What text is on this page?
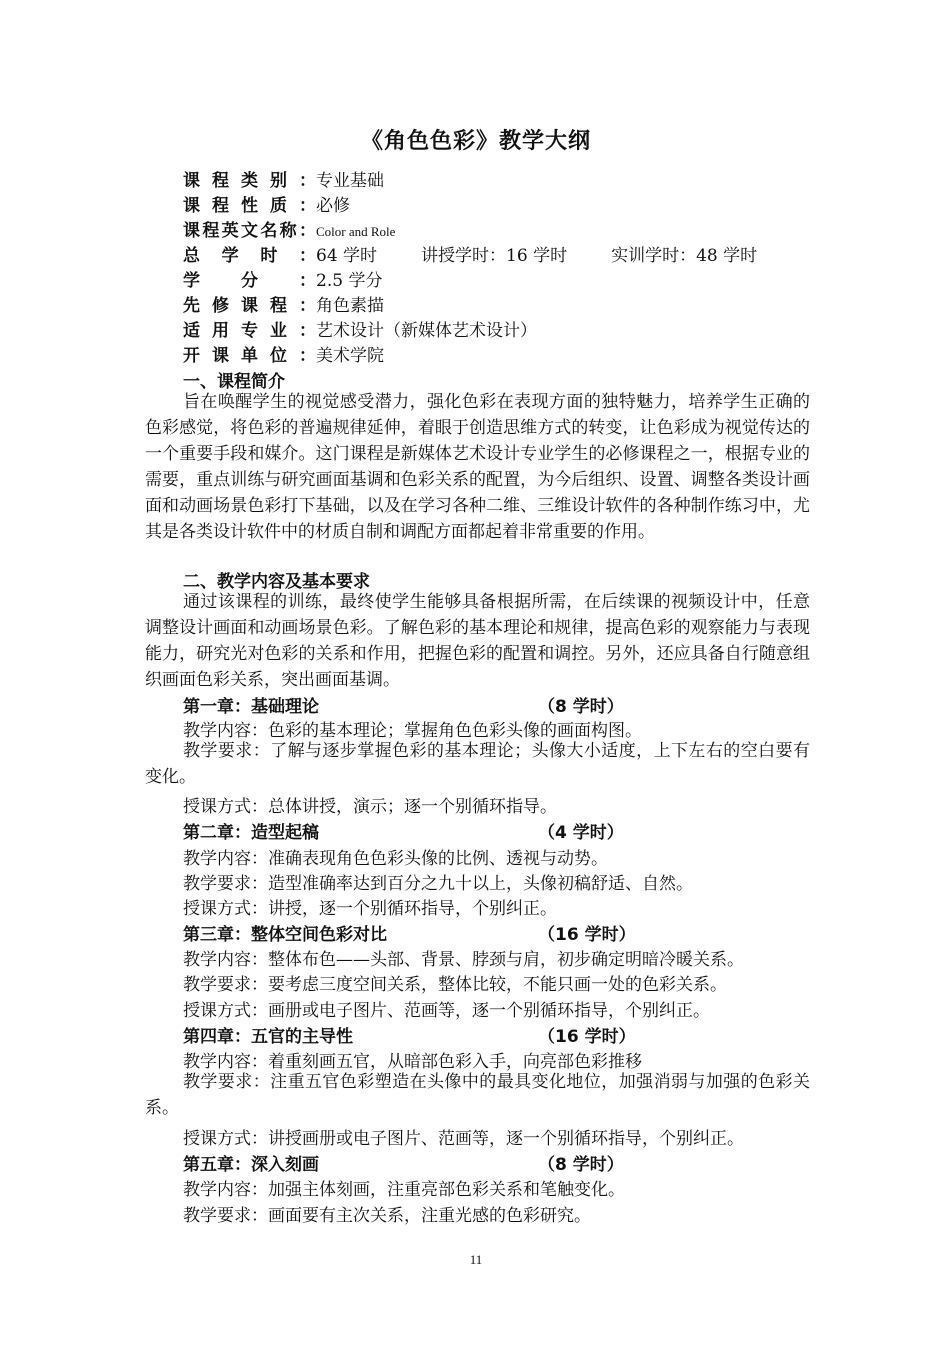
《角色色彩》教学大纲
课程类别：专业基础
课程性质：必修
课程英文名称：Color and Role
总学时：64 学时	讲授学时：16 学时	实训学时：48 学时
学分：2.5 学分
先修课程：角色素描
适用专业：艺术设计（新媒体艺术设计）
开课单位：美术学院
一、课程简介
旨在唤醒学生的视觉感受潜力，强化色彩在表现方面的独特魅力，培养学生正确的色彩感觉，将色彩的普遍规律延伸，着眼于创造思维方式的转变，让色彩成为视觉传达的一个重要手段和媒介。这门课程是新媒体艺术设计专业学生的必修课程之一，根据专业的需要，重点训练与研究画面基调和色彩关系的配置，为今后组织、设置、调整各类设计画面和动画场景色彩打下基础，以及在学习各种二维、三维设计软件的各种制作练习中，尤其是各类设计软件中的材质自制和调配方面都起着非常重要的作用。
二、教学内容及基本要求
通过该课程的训练，最终使学生能够具备根据所需，在后续课的视频设计中，任意调整设计画面和动画场景色彩。了解色彩的基本理论和规律，提高色彩的观察能力与表现能力，研究光对色彩的关系和作用，把握色彩的配置和调控。另外，还应具备自行随意组织画面色彩关系，突出画面基调。
第一章：基础理论	（8 学时）
教学内容：色彩的基本理论；掌握角色色彩头像的画面构图。
教学要求：了解与逐步掌握色彩的基本理论；头像大小适度，上下左右的空白要有变化。
授课方式：总体讲授，演示；逐一个别循环指导。
第二章：造型起稿	（4 学时）
教学内容：准确表现角色色彩头像的比例、透视与动势。
教学要求：造型准确率达到百分之九十以上，头像初稿舒适、自然。
授课方式：讲授，逐一个别循环指导，个别纠正。
第三章：整体空间色彩对比	（16 学时）
教学内容：整体布色——头部、背景、脖颈与肩，初步确定明暗冷暖关系。
教学要求：要考虑三度空间关系，整体比较，不能只画一处的色彩关系。
授课方式：画册或电子图片、范画等，逐一个别循环指导，个别纠正。
第四章：五官的主导性	（16 学时）
教学内容：着重刻画五官，从暗部色彩入手，向亮部色彩推移
教学要求：注重五官色彩塑造在头像中的最具变化地位，加强消弱与加强的色彩关系。
授课方式：讲授画册或电子图片、范画等，逐一个别循环指导，个别纠正。
第五章：深入刻画	（8 学时）
教学内容：加强主体刻画，注重亮部色彩关系和笔触变化。
教学要求：画面要有主次关系，注重光感的色彩研究。
11
